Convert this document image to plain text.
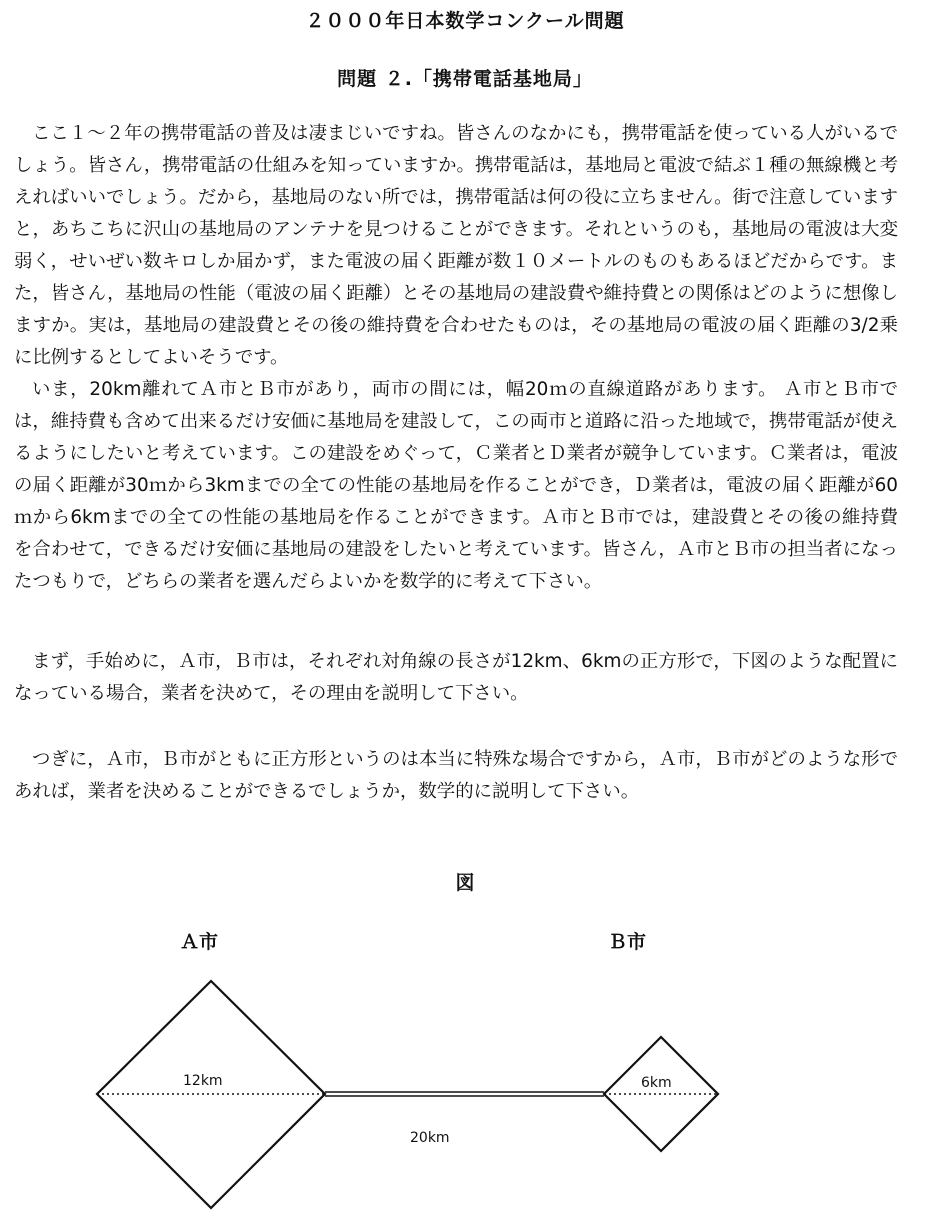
２０００年日本数学コンクール問題
問題 ２.「携帯電話基地局」

ここ１～２年の携帯電話の普及は凄まじいですね。皆さんのなかにも，携帯電話を使っている人がいるでしょう。皆さん，携帯電話の仕組みを知っていますか。携帯電話は，基地局と電波で結ぶ１種の無線機と考えればいいでしょう。だから，基地局のない所では，携帯電話は何の役に立ちません。街で注意していますと，あちこちに沢山の基地局のアンテナを見つけることができます。それというのも，基地局の電波は大変弱く，せいぜい数キロしか届かず，また電波の届く距離が数１０メートルのものもあるほどだからです。また，皆さん，基地局の性能（電波の届く距離）とその基地局の建設費や維持費との関係はどのように想像しますか。実は，基地局の建設費とその後の維持費を合わせたものは，その基地局の電波の届く距離の3/2乗に比例するとしてよいそうです。

いま，20km離れてＡ市とＢ市があり，両市の間には，幅20ｍの直線道路があります。 Ａ市とＢ市では，維持費も含めて出来るだけ安価に基地局を建設して，この両市と道路に沿った地域で，携帯電話が使えるようにしたいと考えています。この建設をめぐって，Ｃ業者とＤ業者が競争しています。Ｃ業者は，電波の届く距離が30ｍから3kmまでの全ての性能の基地局を作ることができ，Ｄ業者は，電波の届く距離が60ｍから6kmまでの全ての性能の基地局を作ることができます。Ａ市とＢ市では，建設費とその後の維持費を合わせて，できるだけ安価に基地局の建設をしたいと考えています。皆さん，Ａ市とＢ市の担当者になったつもりで，どちらの業者を選んだらよいかを数学的に考えて下さい。

まず，手始めに，Ａ市，Ｂ市は，それぞれ対角線の長さが12km、6kmの正方形で，下図のような配置になっている場合，業者を決めて，その理由を説明して下さい。

つぎに，Ａ市，Ｂ市がともに正方形というのは本当に特殊な場合ですから，Ａ市，Ｂ市がどのような形であれば，業者を決めることができるでしょうか，数学的に説明して下さい。

図
Ａ市	Ｂ市
12km	6km
20km
